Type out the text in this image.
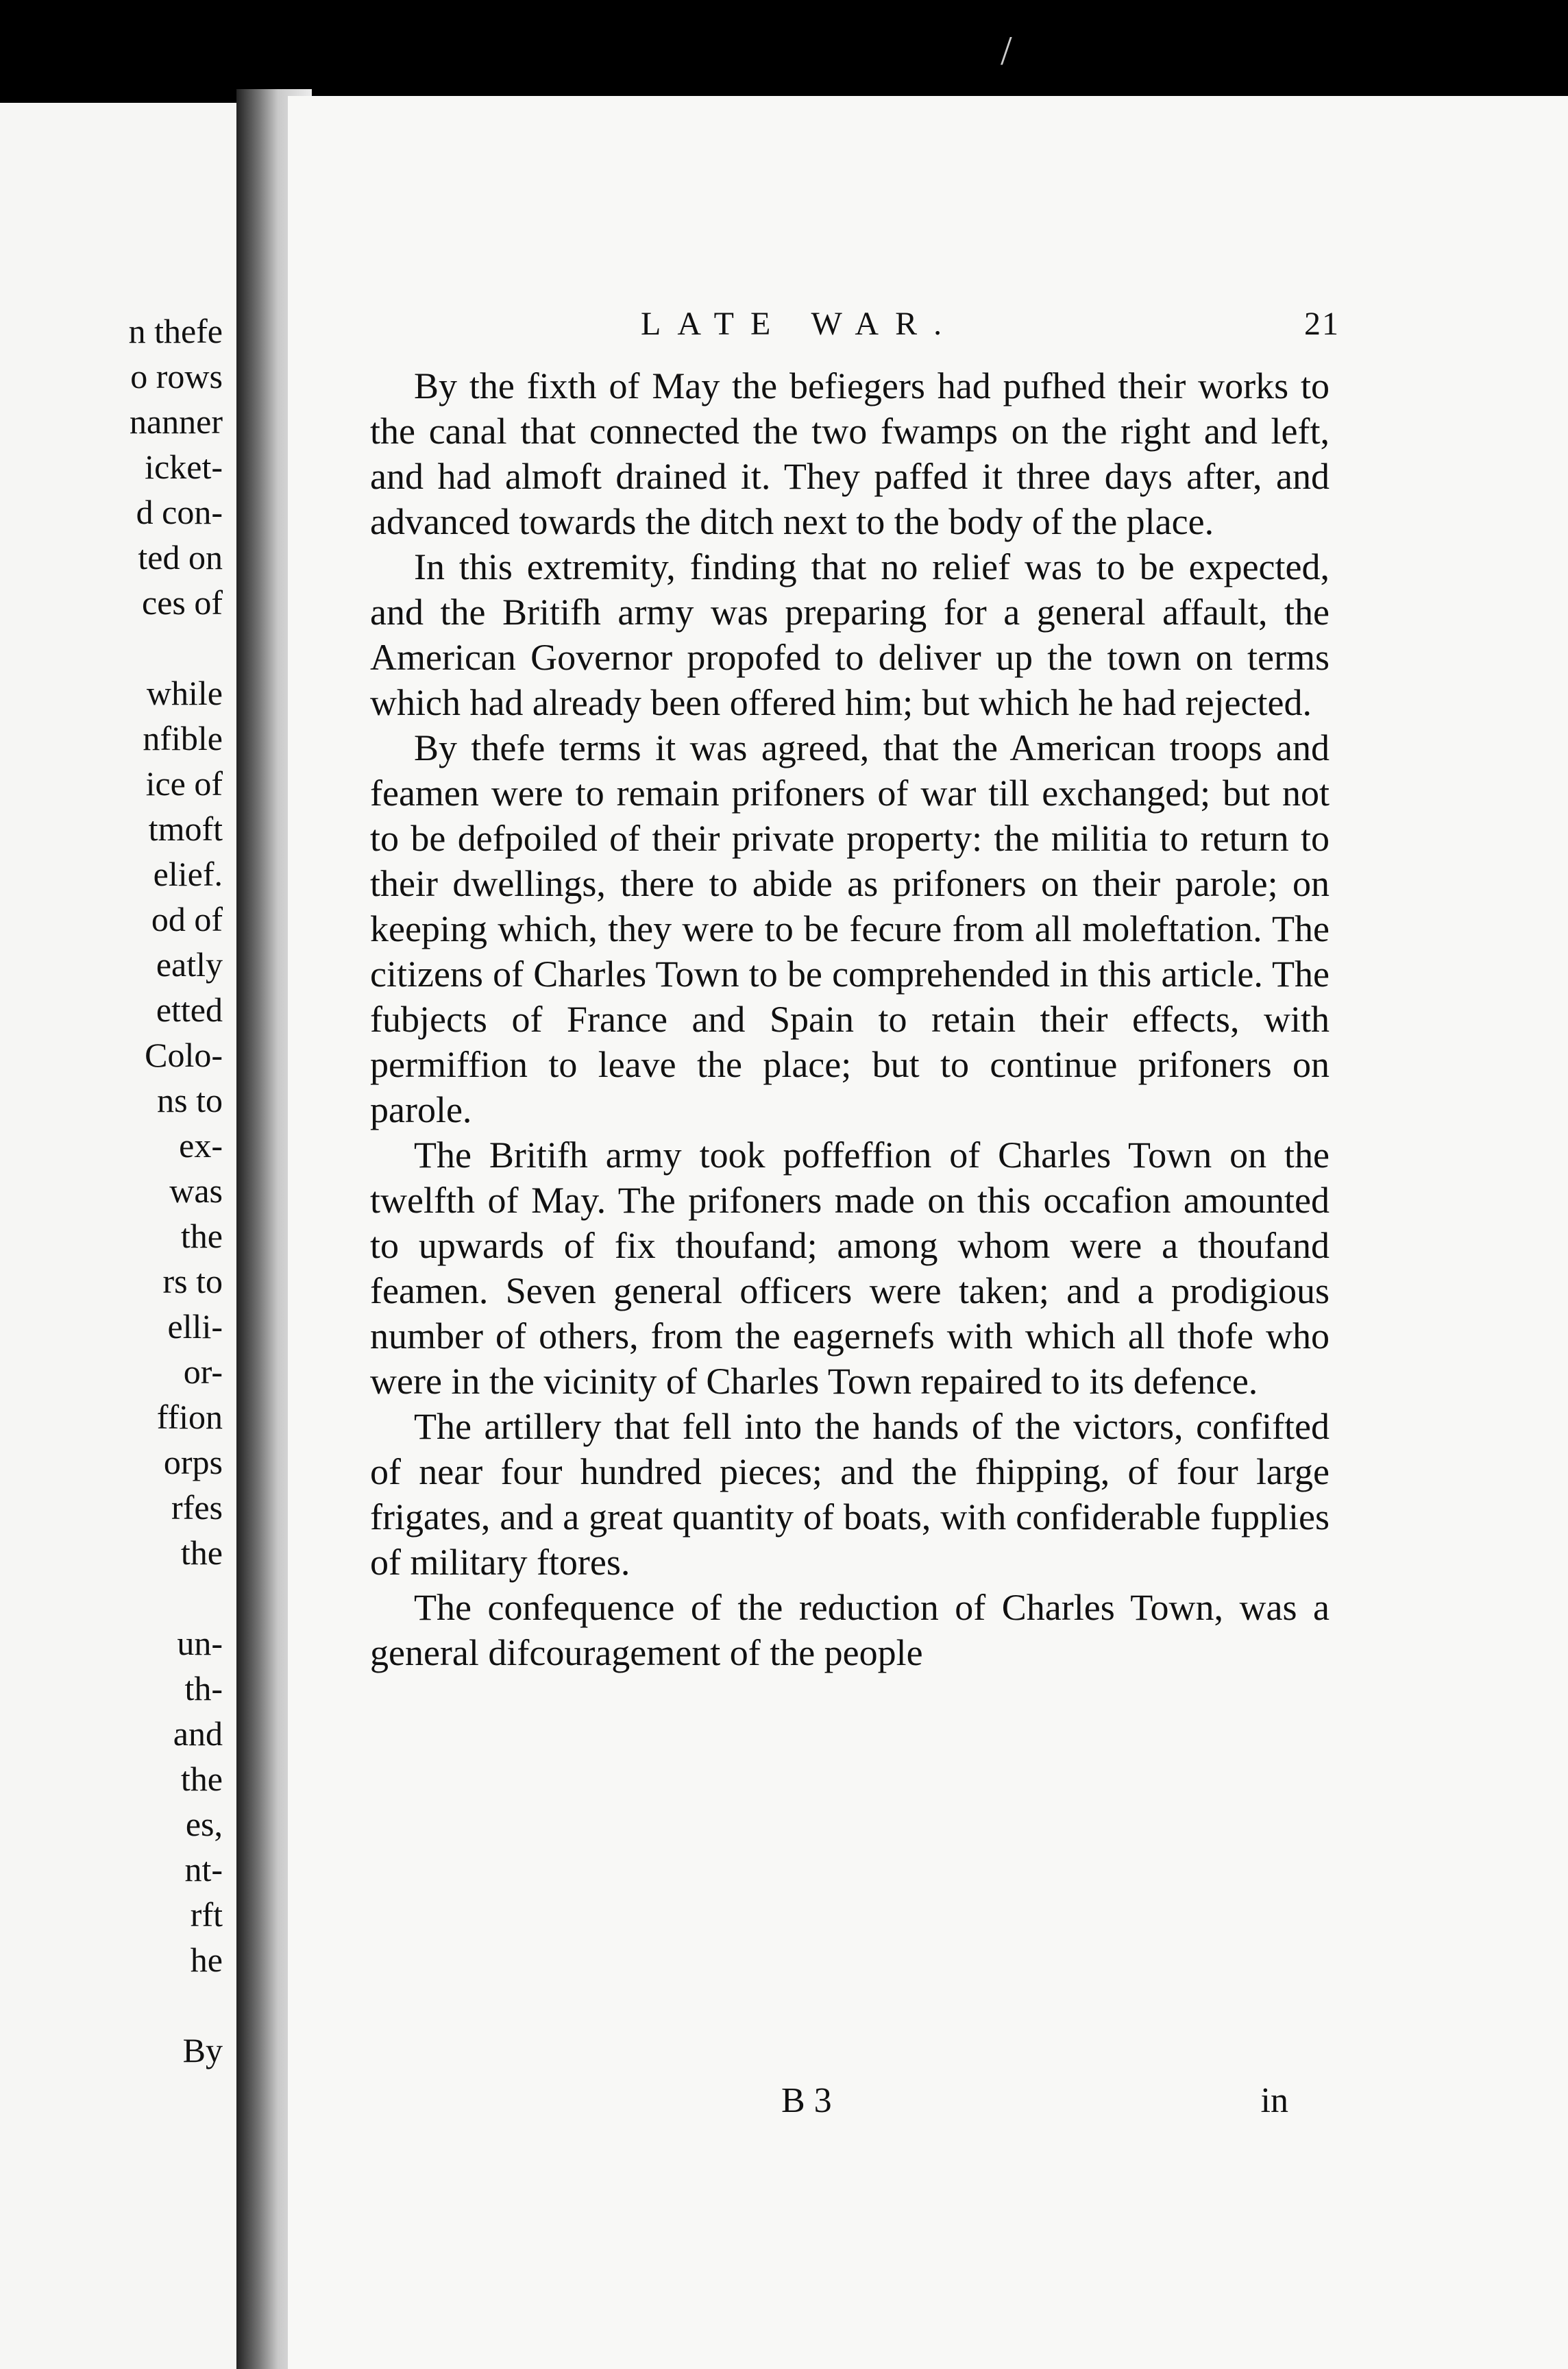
n thefe
o rows
nanner
icket-
d con-
ted on
ces of

while
nfible
ice of
tmoft
elief.
od of
eatly
etted
Colo-
ns to
ex-
was
the
rs to
elli-
or-
ffion
orps
rfes
the

un-
th-
and
the
es,
nt-
rft
he

By
/
LATE WAR.	21

By the fixth of May the befiegers had pufhed their works to the canal that connected the two fwamps on the right and left, and had almoft drained it. They paffed it three days after, and advanced towards the ditch next to the body of the place.

In this extremity, finding that no relief was to be expected, and the Britifh army was preparing for a general affault, the American Governor propofed to deliver up the town on terms which had already been offered him; but which he had rejected.

By thefe terms it was agreed, that the American troops and feamen were to remain prifoners of war till exchanged; but not to be defpoiled of their private property: the militia to return to their dwellings, there to abide as prifoners on their parole; on keeping which, they were to be fecure from all moleftation. The citizens of Charles Town to be comprehended in this article. The fubjects of France and Spain to retain their effects, with permiffion to leave the place; but to continue prifoners on parole.

The Britifh army took poffeffion of Charles Town on the twelfth of May. The prifoners made on this occafion amounted to upwards of fix thoufand; among whom were a thoufand feamen. Seven general officers were taken; and a prodigious number of others, from the eagernefs with which all thofe who were in the vicinity of Charles Town repaired to its defence.

The artillery that fell into the hands of the victors, confifted of near four hundred pieces; and the fhipping, of four large frigates, and a great quantity of boats, with confiderable fupplies of military ftores.

The confequence of the reduction of Charles Town, was a general difcouragement of the people

B 3	in
